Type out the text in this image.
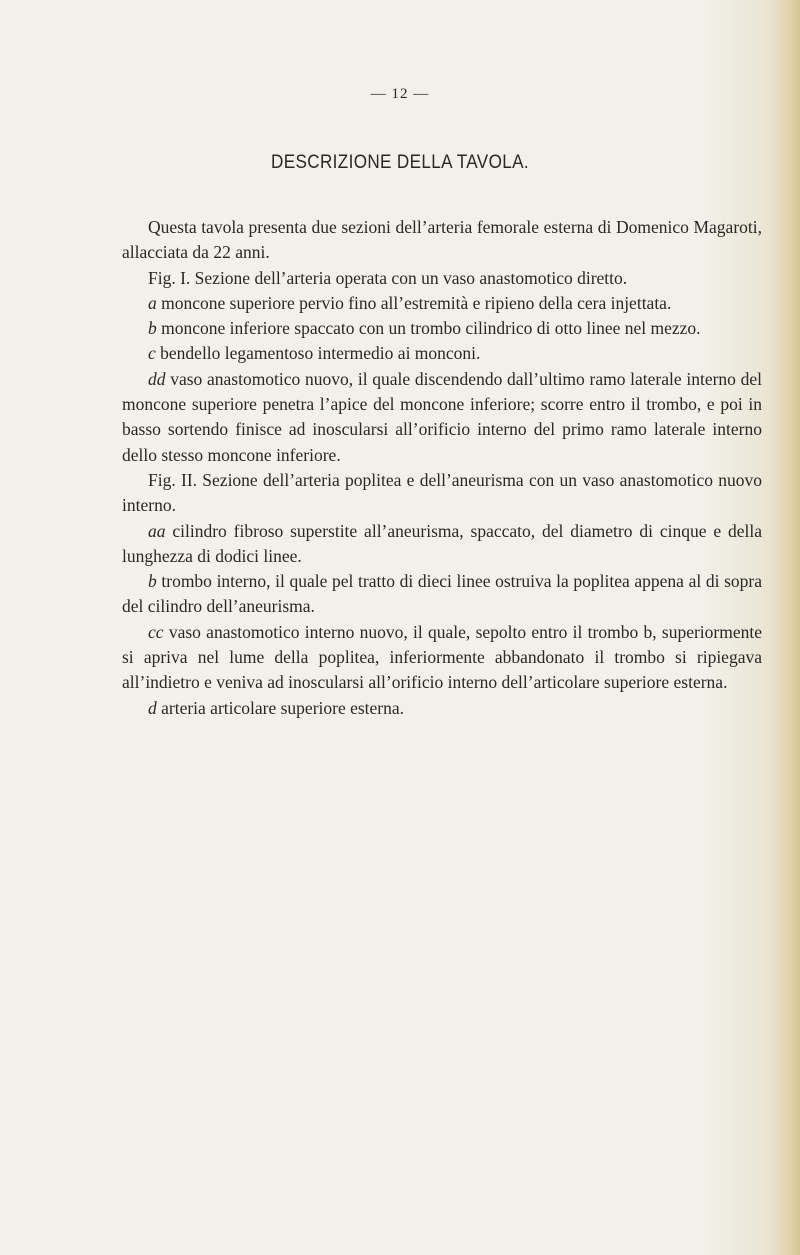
— 12 —
DESCRIZIONE DELLA TAVOLA.

Questa tavola presenta due sezioni dell’arteria femorale esterna di Domenico Magaroti, allacciata da 22 anni.

Fig. I. Sezione dell’arteria operata con un vaso anastomotico diretto.

a moncone superiore pervio fino all’estremità e ripieno della cera injettata.

b moncone inferiore spaccato con un trombo cilindrico di otto linee nel mezzo.

c bendello legamentoso intermedio ai monconi.

dd vaso anastomotico nuovo, il quale discendendo dall’ultimo ramo laterale interno del moncone superiore penetra l’apice del moncone inferiore; scorre entro il trombo, e poi in basso sortendo finisce ad inoscularsi all’orificio interno del primo ramo laterale interno dello stesso moncone inferiore.

Fig. II. Sezione dell’arteria poplitea e dell’aneurisma con un vaso anastomotico nuovo interno.

aa cilindro fibroso superstite all’aneurisma, spaccato, del diametro di cinque e della lunghezza di dodici linee.

b trombo interno, il quale pel tratto di dieci linee ostruiva la poplitea appena al di sopra del cilindro dell’aneurisma.

cc vaso anastomotico interno nuovo, il quale, sepolto entro il trombo b, superiormente si apriva nel lume della poplitea, inferiormente abbandonato il trombo si ripiegava all’indietro e veniva ad inoscularsi all’orificio interno dell’articolare superiore esterna.

d arteria articolare superiore esterna.
